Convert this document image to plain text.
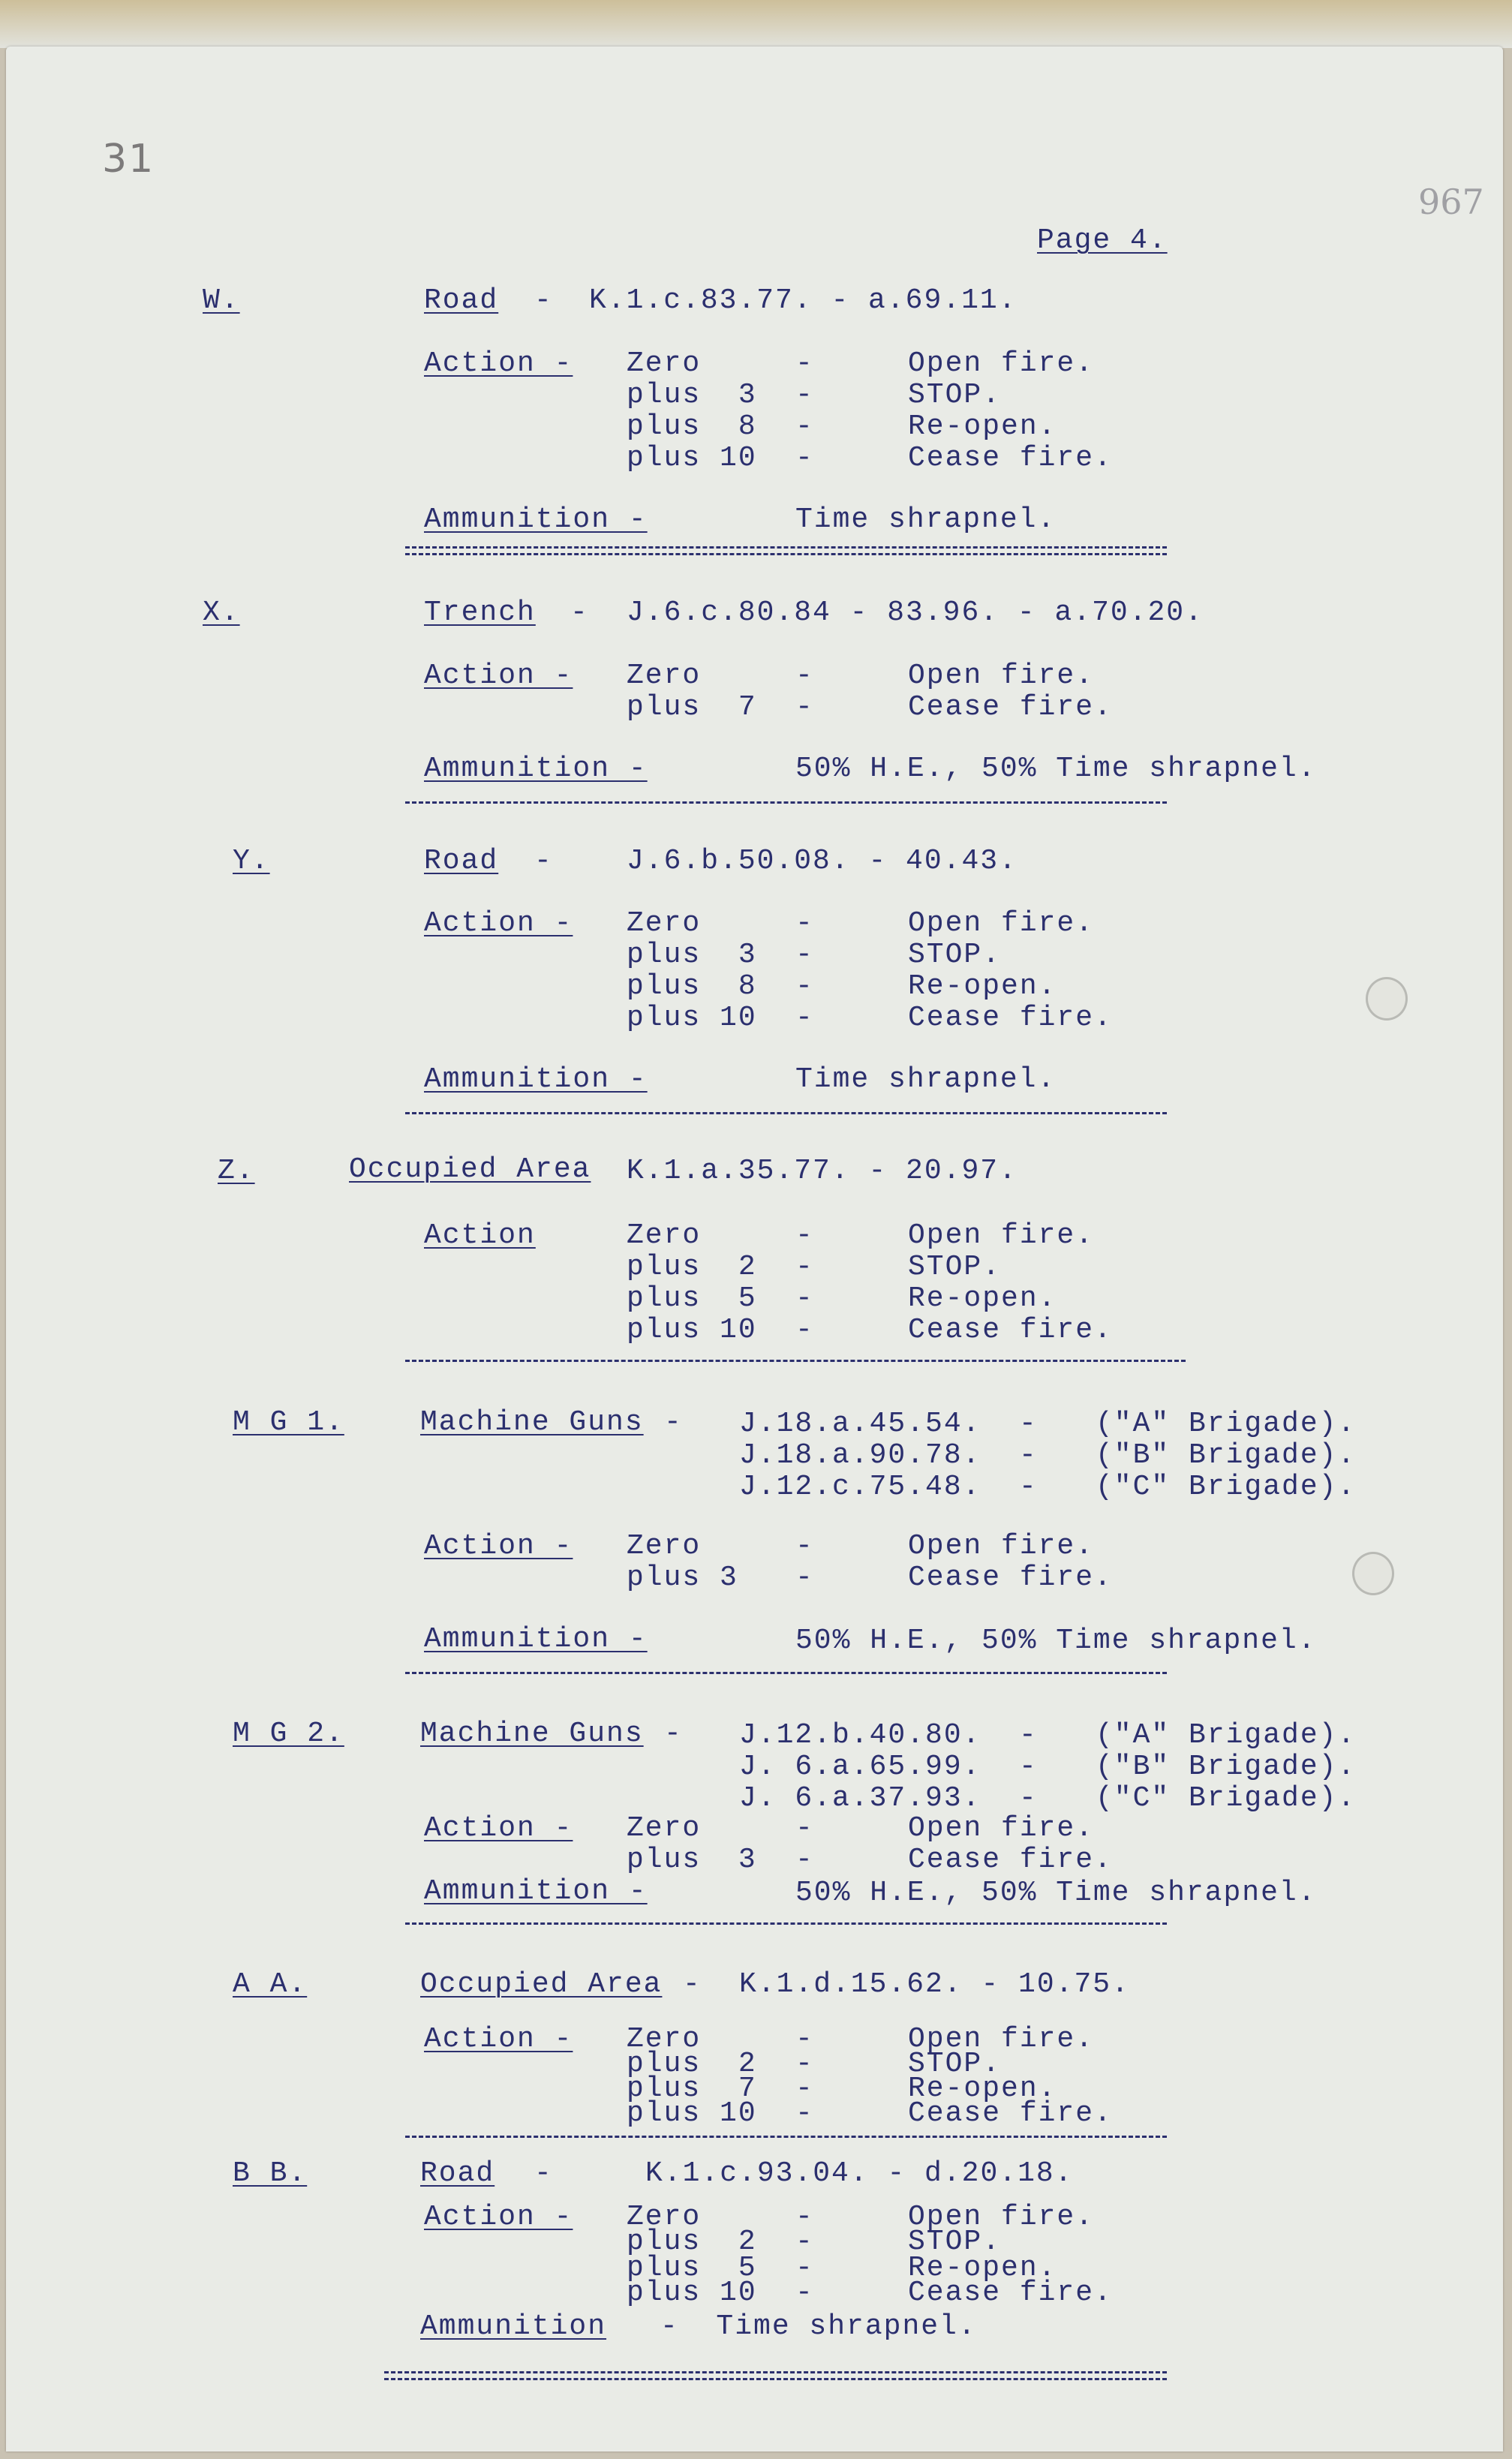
31
967
Page 4.
W.	Road - K.1.c.83.77. - a.69.11.
Action - Zero	-	Open fire.
plus  3 -	STOP.
plus  8 -	Re-open.
plus 10 -	Cease fire.
Ammunition -	Time shrapnel.
X.	Trench - J.6.c.80.84 - 83.96. - a.70.20.
Action - Zero	-	Open fire.
plus  7 -	Cease fire.
Ammunition -	50% H.E., 50% Time shrapnel.
Y.	Road -	J.6.b.50.08. - 40.43.
Action - Zero	-	Open fire.
plus  3 -	STOP.
plus  8 -	Re-open.
plus 10 -	Cease fire.
Ammunition -	Time shrapnel.
Z.	Occupied Area K.1.a.35.77. - 20.97.
Action	Zero	-	Open fire.
plus  2 -	STOP.
plus  5 -	Re-open.
plus 10 -	Cease fire.
M G 1.	Machine Guns - J.18.a.45.54. - ("A" Brigade).
J.18.a.90.78. - ("B" Brigade).
J.12.c.75.48. - ("C" Brigade).
Action - Zero	-	Open fire.
plus 3 -	Cease fire.
Ammunition -	50% H.E., 50% Time shrapnel.
M G 2.	Machine Guns - J.12.b.40.80. - ("A" Brigade).
J. 6.a.65.99. - ("B" Brigade).
J. 6.a.37.93. - ("C" Brigade).
Action - Zero	-	Open fire.
plus  3 -	Cease fire.
Ammunition -	50% H.E., 50% Time shrapnel.
A A.	Occupied Area - K.1.d.15.62. - 10.75.
Action - Zero	-	Open fire.
plus  2 -	STOP.
plus  7 -	Re-open.
plus 10 -	Cease fire.
B B.	Road -	K.1.c.93.04. - d.20.18.
Action - Zero	-	Open fire.
plus  2 -	STOP.
plus  5 -	Re-open.
plus 10 -	Cease fire.
Ammunition -  Time shrapnel.
